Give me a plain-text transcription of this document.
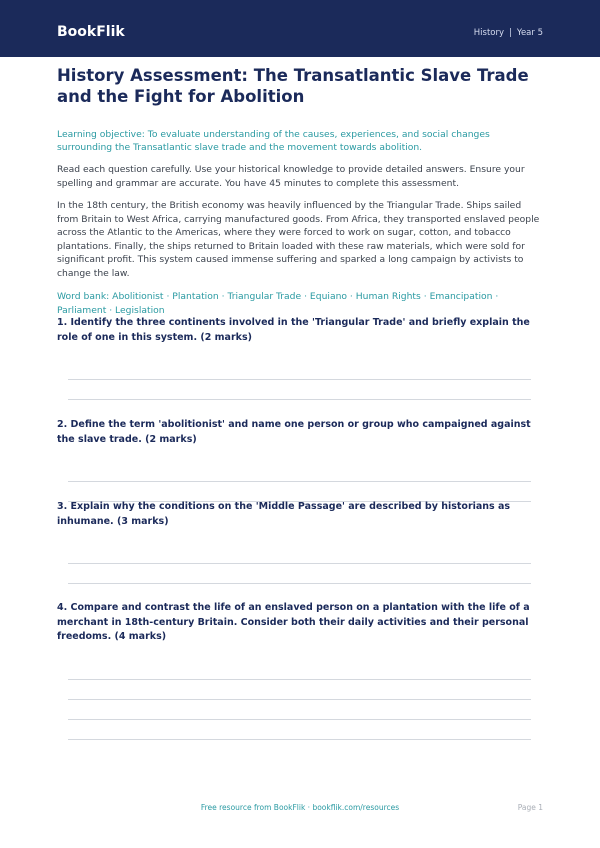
BookFlik	History | Year 5
History Assessment: The Transatlantic Slave Trade and the Fight for Abolition
Learning objective: To evaluate understanding of the causes, experiences, and social changes surrounding the Transatlantic slave trade and the movement towards abolition.
Read each question carefully. Use your historical knowledge to provide detailed answers. Ensure your spelling and grammar are accurate. You have 45 minutes to complete this assessment.
In the 18th century, the British economy was heavily influenced by the Triangular Trade. Ships sailed from Britain to West Africa, carrying manufactured goods. From Africa, they transported enslaved people across the Atlantic to the Americas, where they were forced to work on sugar, cotton, and tobacco plantations. Finally, the ships returned to Britain loaded with these raw materials, which were sold for significant profit. This system caused immense suffering and sparked a long campaign by activists to change the law.
Word bank: Abolitionist · Plantation · Triangular Trade · Equiano · Human Rights · Emancipation · Parliament · Legislation
1. Identify the three continents involved in the 'Triangular Trade' and briefly explain the role of one in this system. (2 marks)
2. Define the term 'abolitionist' and name one person or group who campaigned against the slave trade. (2 marks)
3. Explain why the conditions on the 'Middle Passage' are described by historians as inhumane. (3 marks)
4. Compare and contrast the life of an enslaved person on a plantation with the life of a merchant in 18th-century Britain. Consider both their daily activities and their personal freedoms. (4 marks)
Free resource from BookFlik · bookflik.com/resources	Page 1
